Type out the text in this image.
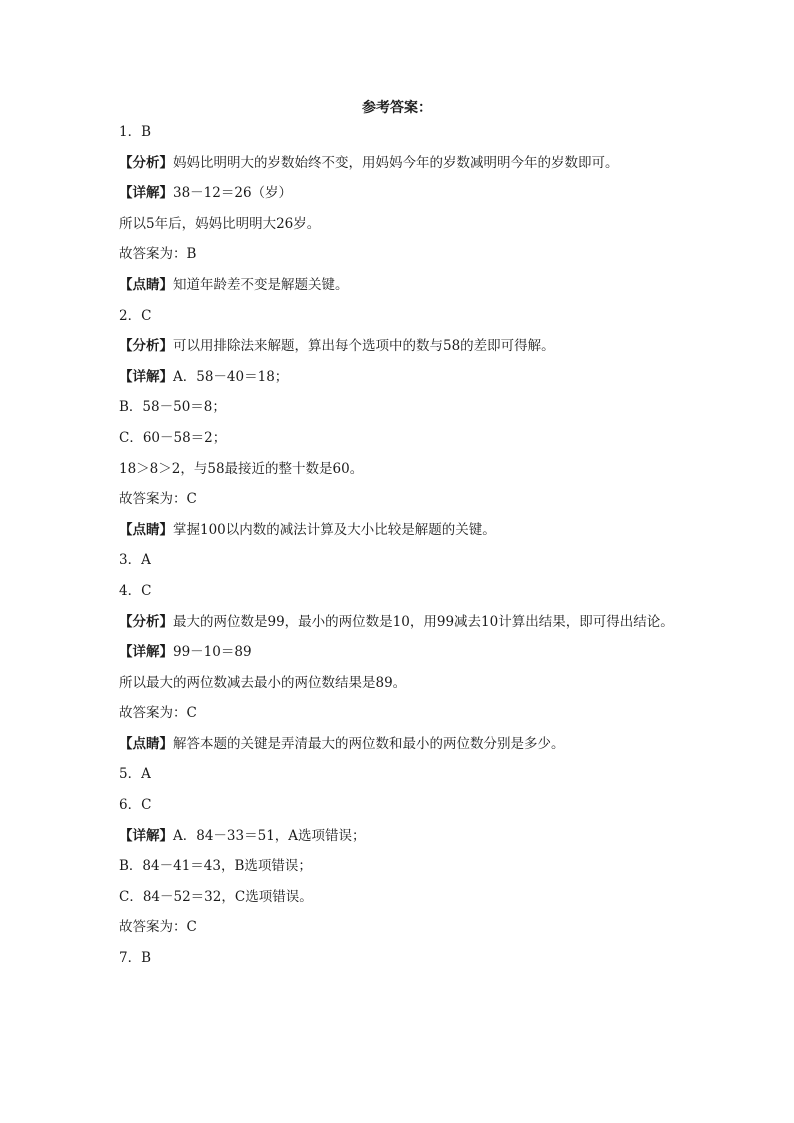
参考答案：
1．B
【分析】妈妈比明明大的岁数始终不变，用妈妈今年的岁数减明明今年的岁数即可。
【详解】38－12＝26（岁）
所以5年后，妈妈比明明大26岁。
故答案为：B
【点睛】知道年龄差不变是解题关键。
2．C
【分析】可以用排除法来解题，算出每个选项中的数与58的差即可得解。
【详解】A．58－40＝18；
B．58－50＝8；
C．60－58＝2；
18＞8＞2，与58最接近的整十数是60。
故答案为：C
【点睛】掌握100以内数的减法计算及大小比较是解题的关键。
3．A
4．C
【分析】最大的两位数是99，最小的两位数是10，用99减去10计算出结果，即可得出结论。
【详解】99－10＝89
所以最大的两位数减去最小的两位数结果是89。
故答案为：C
【点睛】解答本题的关键是弄清最大的两位数和最小的两位数分别是多少。
5．A
6．C
【详解】A．84－33＝51，A选项错误；
B．84－41＝43，B选项错误；
C．84－52＝32，C选项错误。
故答案为：C
7．B
